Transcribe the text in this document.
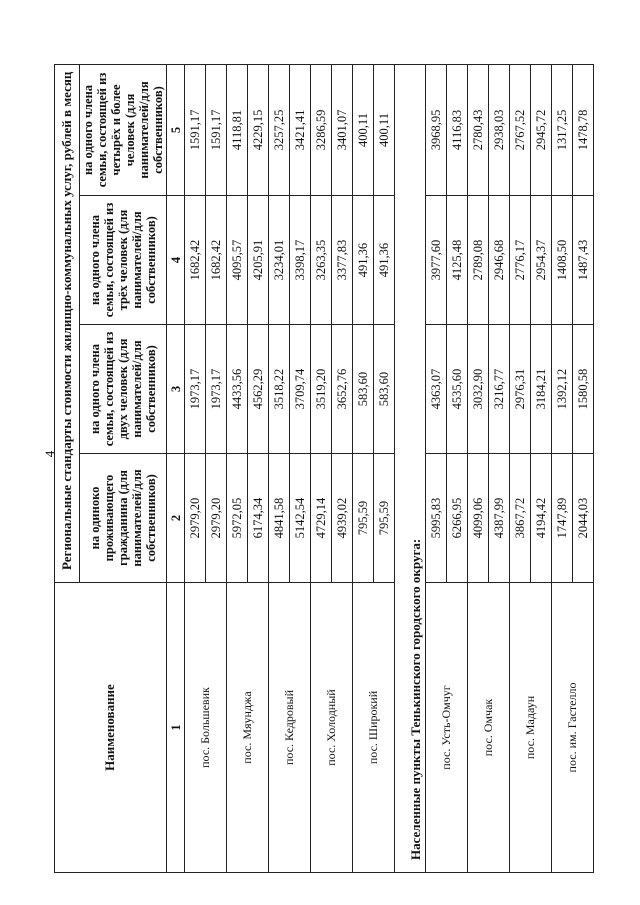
4
Наименование	Региональные стандарты стоимости жилищно-коммунальных услуг, рублей в месяц			
	на одиноко проживающего гражданина (для нанимателей/для собственников)	на одного члена семьи, состоящей из двух человек (для нанимателей/для собственников)	на одного члена семьи, состоящей из трёх человек (для нанимателей/для собственников)	на одного члена семьи, состоящей из четырёх и более человек (для нанимателей/для собственников)
1	2	3	4	5
пос. Большевик	2979,20	1973,17	1682,42	1591,17
	2979,20	1973,17	1682,42	1591,17
пос. Мяунджа	5972,05	4433,56	4095,57	4118,81
	6174,34	4562,29	4205,91	4229,15
пос. Кедровый	4841,58	3518,22	3234,01	3257,25
	5142,54	3709,74	3398,17	3421,41
пос. Холодный	4729,14	3519,20	3263,35	3286,59
	4939,02	3652,76	3377,83	3401,07
пос. Широкий	795,59	583,60	491,36	400,11
	795,59	583,60	491,36	400,11
Населенные пункты Тенькинского городского округа:				
пос. Усть-Омчуг	5995,83	4363,07	3977,60	3968,95
	6266,95	4535,60	4125,48	4116,83
пос. Омчак	4099,06	3032,90	2789,08	2780,43
	4387,99	3216,77	2946,68	2938,03
пос. Мадаун	3867,72	2976,31	2776,17	2767,52
	4194,42	3184,21	2954,37	2945,72
пос. им. Гастелло	1747,89	1392,12	1408,50	1317,25
	2044,03	1580,58	1487,43	1478,78
